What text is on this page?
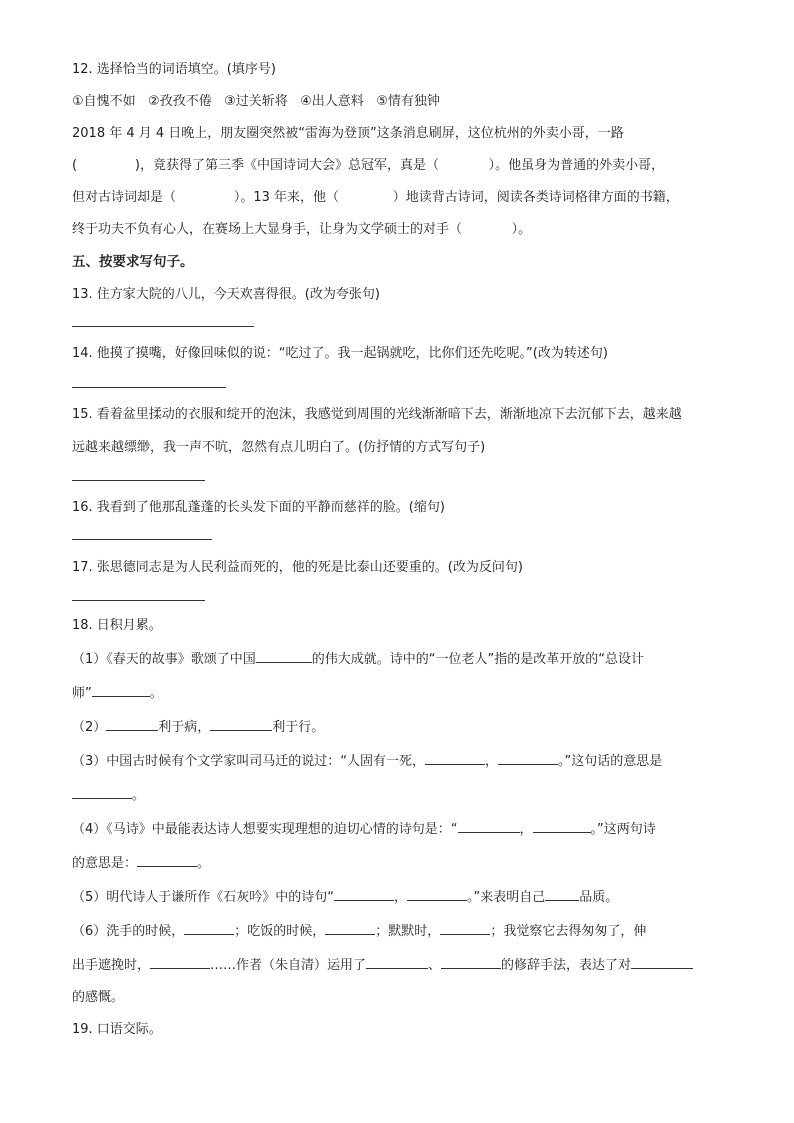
12. 选择恰当的词语填空。(填序号)

①自愧不如   ②孜孜不倦   ③过关斩将   ④出人意料   ⑤情有独钟

2018 年 4 月 4 日晚上，朋友圈突然被“雷海为登顶”这条消息刷屏，这位杭州的外卖小哥，一路

(              )，竟获得了第三季《中国诗词大会》总冠军，真是（            ）。他虽身为普通的外卖小哥，

但对古诗词却是（              ）。13 年来，他（             ）地读背古诗词，阅读各类诗词格律方面的书籍，

终于功夫不负有心人，在赛场上大显身手，让身为文学硕士的对手（            ）。

五、按要求写句子。

13. 住方家大院的八儿，今天欢喜得很。(改为夸张句)

14. 他摸了摸嘴，好像回味似的说：“吃过了。我一起锅就吃，比你们还先吃呢。”(改为转述句)

15. 看着盆里揉动的衣服和绽开的泡沫，我感觉到周围的光线渐渐暗下去，渐渐地凉下去沉郁下去，越来越

远越来越缥缈，我一声不吭，忽然有点儿明白了。(仿抒情的方式写句子)

16. 我看到了他那乱蓬蓬的长头发下面的平静而慈祥的脸。(缩句)

17. 张思德同志是为人民利益而死的，他的死是比泰山还要重的。(改为反问句)

18. 日积月累。

（1）《春天的故事》歌颂了中国	的伟大成就。诗中的“一位老人”指的是改革开放的“总设计

师”	。

（2）	利于病，	利于行。

（3）中国古时候有个文学家叫司马迁的说过：“人固有一死，	，	。”这句话的意思是

。

（4）《马诗》中最能表达诗人想要实现理想的迫切心情的诗句是：“	，	。”这两句诗

的意思是：	。

（5）明代诗人于谦所作《石灰吟》中的诗句“	，	。”来表明自己	品质。

（6）洗手的时候，	；吃饭的时候，	；默默时，	；我觉察它去得匆匆了，伸

出手遮挽时，	……作者（朱自清）运用了	、	的修辞手法，表达了对

的感慨。

19. 口语交际。
